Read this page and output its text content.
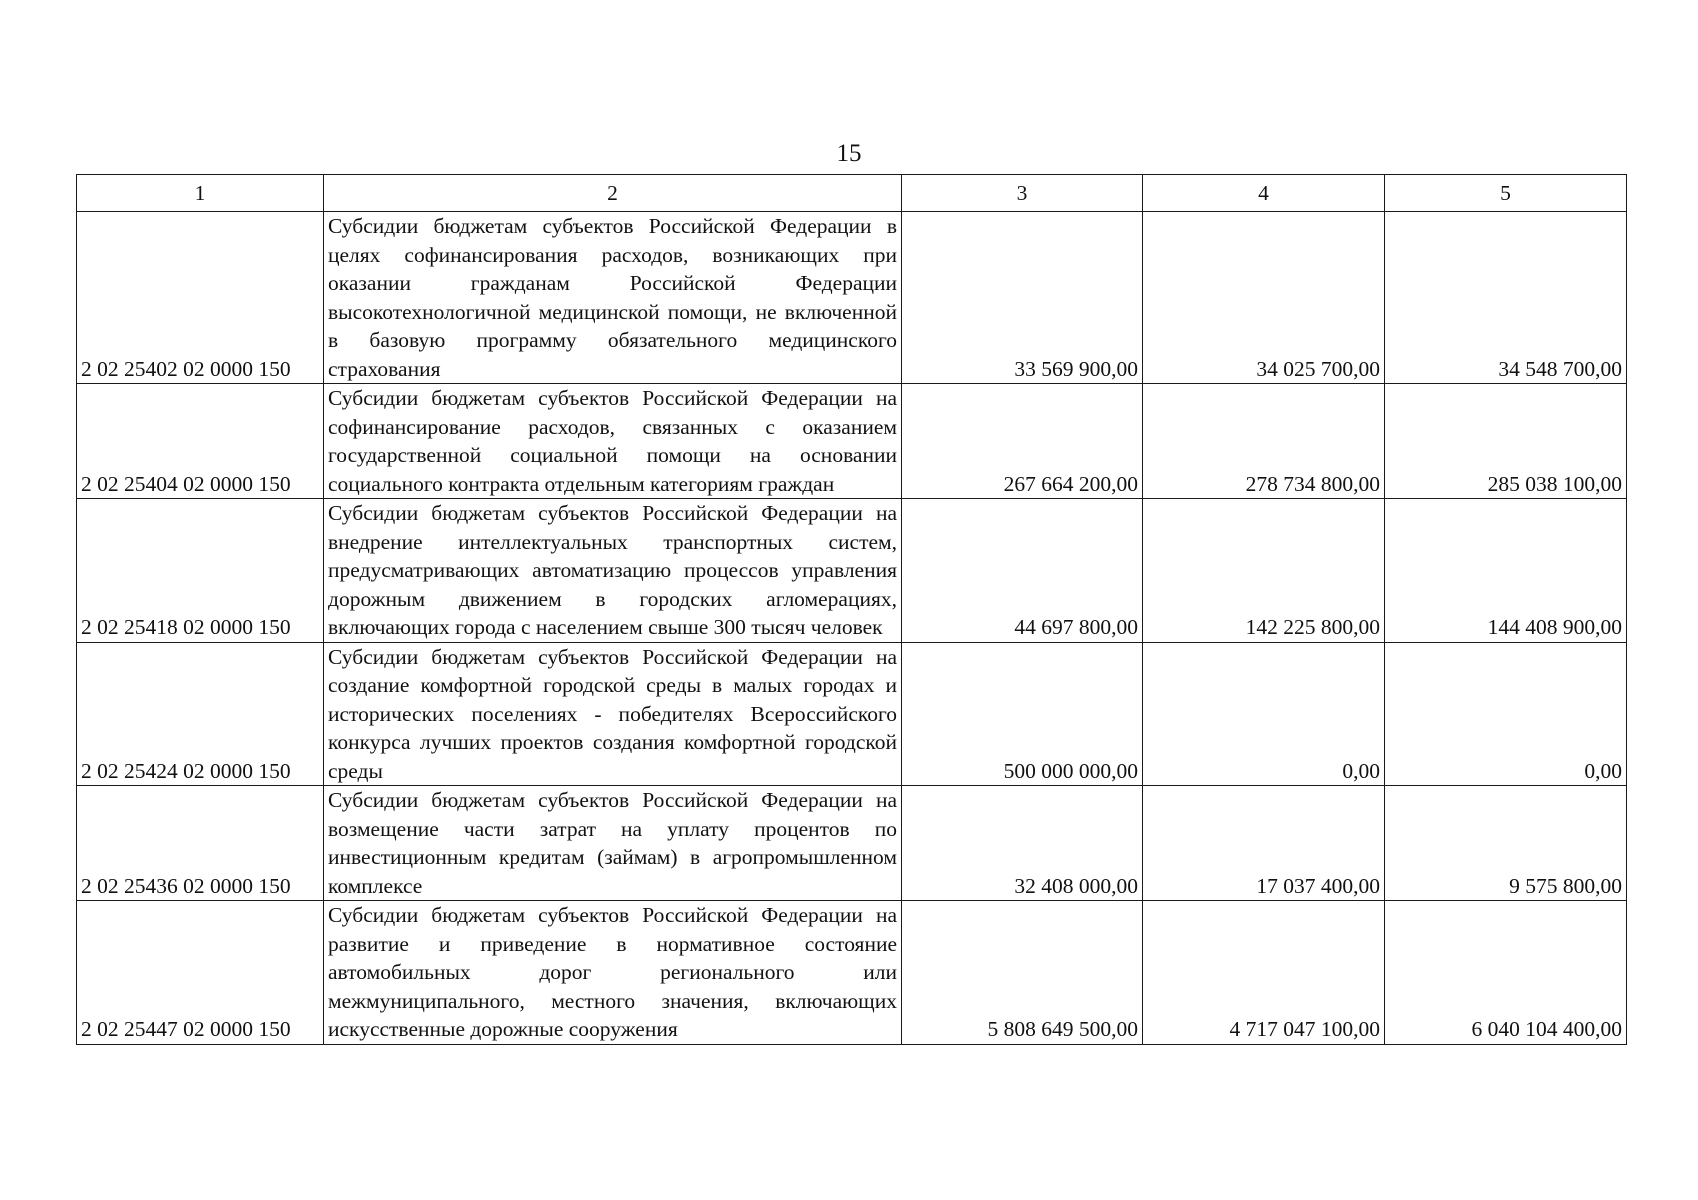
15
1	2	3	4	5
2 02 25402 02 0000 150	Субсидии бюджетам субъектов Российской Федерации в целях софинансирования расходов, возникающих при оказании гражданам Российской Федерации высокотехнологичной медицинской помощи, не включенной в базовую программу обязательного медицинского страхования	33 569 900,00	34 025 700,00	34 548 700,00
2 02 25404 02 0000 150	Субсидии бюджетам субъектов Российской Федерации на софинансирование расходов, связанных с оказанием государственной социальной помощи на основании социального контракта отдельным категориям граждан	267 664 200,00	278 734 800,00	285 038 100,00
2 02 25418 02 0000 150	Субсидии бюджетам субъектов Российской Федерации на внедрение интеллектуальных транспортных систем, предусматривающих автоматизацию процессов управления дорожным движением в городских агломерациях, включающих города с населением свыше 300 тысяч человек	44 697 800,00	142 225 800,00	144 408 900,00
2 02 25424 02 0000 150	Субсидии бюджетам субъектов Российской Федерации на создание комфортной городской среды в малых городах и исторических поселениях - победителях Всероссийского конкурса лучших проектов создания комфортной городской среды	500 000 000,00	0,00	0,00
2 02 25436 02 0000 150	Субсидии бюджетам субъектов Российской Федерации на возмещение части затрат на уплату процентов по инвестиционным кредитам (займам) в агропромышленном комплексе	32 408 000,00	17 037 400,00	9 575 800,00
2 02 25447 02 0000 150	Субсидии бюджетам субъектов Российской Федерации на развитие и приведение в нормативное состояние автомобильных дорог регионального или межмуниципального, местного значения, включающих искусственные дорожные сооружения	5 808 649 500,00	4 717 047 100,00	6 040 104 400,00
